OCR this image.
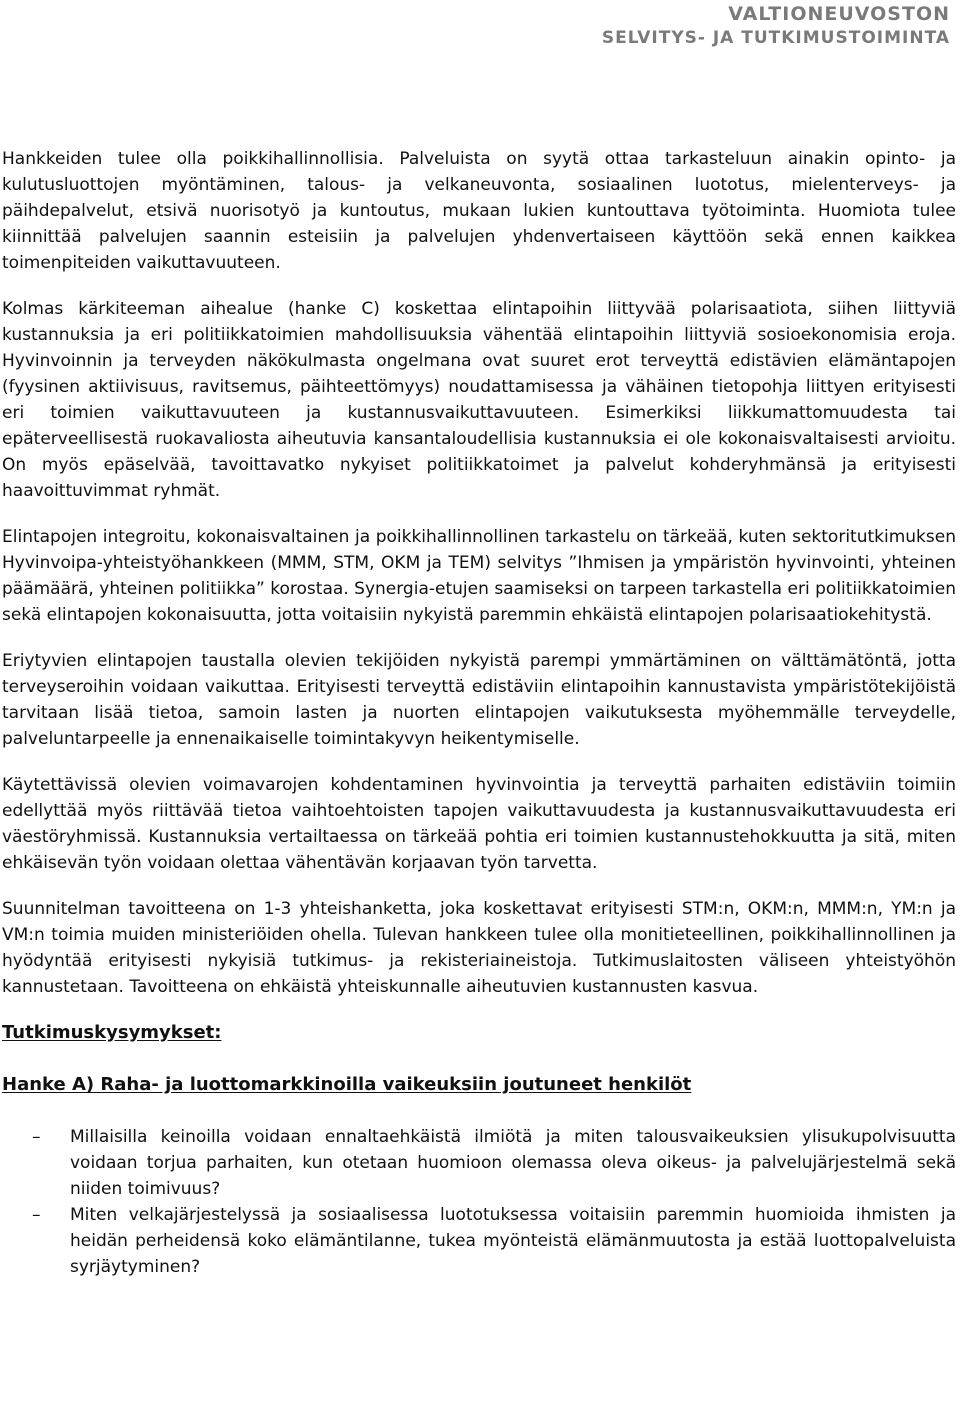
VALTIONEUVOSTON
SELVITYS- JA TUTKIMUSTOIMINTA

Hankkeiden tulee olla poikkihallinnollisia. Palveluista on syytä ottaa tarkasteluun ainakin opinto- ja kulutusluottojen myöntäminen, talous- ja velkaneuvonta, sosiaalinen luototus, mielenterveys- ja päihdepalvelut, etsivä nuorisotyö ja kuntoutus, mukaan lukien kuntouttava työtoiminta. Huomiota tulee kiinnittää palvelujen saannin esteisiin ja palvelujen yhdenvertaiseen käyttöön sekä ennen kaikkea toimenpiteiden vaikuttavuuteen.

Kolmas kärkiteeman aihealue (hanke C) koskettaa elintapoihin liittyvää polarisaatiota, siihen liittyviä kustannuksia ja eri politiikkatoimien mahdollisuuksia vähentää elintapoihin liittyviä sosioekonomisia eroja. Hyvinvoinnin ja terveyden näkökulmasta ongelmana ovat suuret erot terveyttä edistävien elämäntapojen (fyysinen aktiivisuus, ravitsemus, päihteettömyys) noudattamisessa ja vähäinen tietopohja liittyen erityisesti eri toimien vaikuttavuuteen ja kustannusvaikuttavuuteen. Esimerkiksi liikkumattomuudesta tai epäterveellisestä ruokavaliosta aiheutuvia kansantaloudellisia kustannuksia ei ole kokonaisvaltaisesti arvioitu. On myös epäselvää, tavoittavatko nykyiset politiikkatoimet ja palvelut kohderyhmänsä ja erityisesti haavoittuvimmat ryhmät.

Elintapojen integroitu, kokonaisvaltainen ja poikkihallinnollinen tarkastelu on tärkeää, kuten sektoritutkimuksen Hyvinvoipa-yhteistyöhankkeen (MMM, STM, OKM ja TEM) selvitys ”Ihmisen ja ympäristön hyvinvointi, yhteinen päämäärä, yhteinen politiikka” korostaa. Synergia-etujen saamiseksi on tarpeen tarkastella eri politiikkatoimien sekä elintapojen kokonaisuutta, jotta voitaisiin nykyistä paremmin ehkäistä elintapojen polarisaatiokehitystä.

Eriytyvien elintapojen taustalla olevien tekijöiden nykyistä parempi ymmärtäminen on välttämätöntä, jotta terveyseroihin voidaan vaikuttaa. Erityisesti terveyttä edistäviin elintapoihin kannustavista ympäristötekijöistä tarvitaan lisää tietoa, samoin lasten ja nuorten elintapojen vaikutuksesta myöhemmälle terveydelle, palveluntarpeelle ja ennenaikaiselle toimintakyvyn heikentymiselle.

Käytettävissä olevien voimavarojen kohdentaminen hyvinvointia ja terveyttä parhaiten edistäviin toimiin edellyttää myös riittävää tietoa vaihtoehtoisten tapojen vaikuttavuudesta ja kustannusvaikuttavuudesta eri väestöryhmissä. Kustannuksia vertailtaessa on tärkeää pohtia eri toimien kustannustehokkuutta ja sitä, miten ehkäisevän työn voidaan olettaa vähentävän korjaavan työn tarvetta.

Suunnitelman tavoitteena on 1-3 yhteishanketta, joka koskettavat erityisesti STM:n, OKM:n, MMM:n, YM:n ja VM:n toimia muiden ministeriöiden ohella. Tulevan hankkeen tulee olla monitieteellinen, poikkihallinnollinen ja hyödyntää erityisesti nykyisiä tutkimus- ja rekisteriaineistoja. Tutkimuslaitosten väliseen yhteistyöhön kannustetaan. Tavoitteena on ehkäistä yhteiskunnalle aiheutuvien kustannusten kasvua.

Tutkimuskysymykset:
Hanke A) Raha- ja luottomarkkinoilla vaikeuksiin joutuneet henkilöt
– Millaisilla keinoilla voidaan ennaltaehkäistä ilmiötä ja miten talousvaikeuksien ylisukupolvisuutta voidaan torjua parhaiten, kun otetaan huomioon olemassa oleva oikeus- ja palvelujärjestelmä sekä niiden toimivuus?
– Miten velkajärjestelyssä ja sosiaalisessa luototuksessa voitaisiin paremmin huomioida ihmisten ja heidän perheidensä koko elämäntilanne, tukea myönteistä elämänmuutosta ja estää luottopalveluista syrjäytyminen?
